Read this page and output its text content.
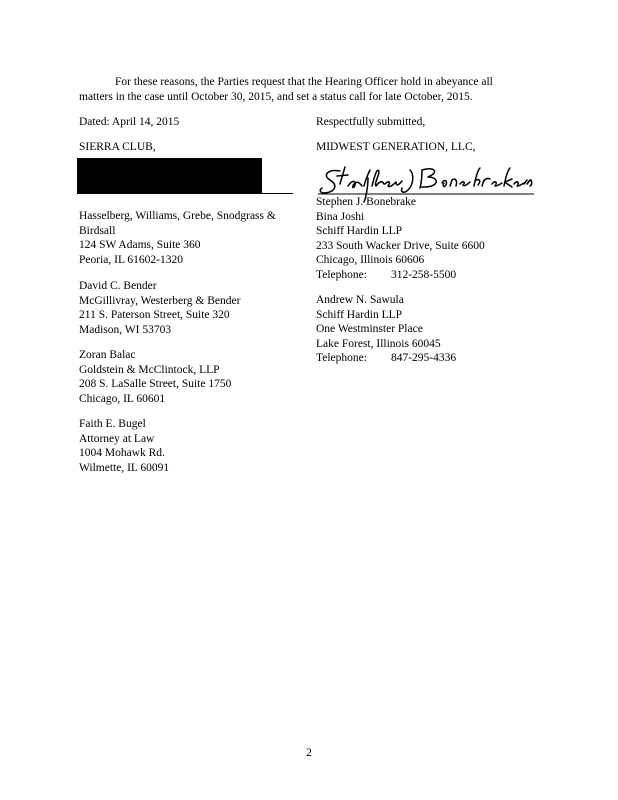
For these reasons, the Parties request that the Hearing Officer hold in abeyance all
matters in the case until October 30, 2015, and set a status call for late October, 2015.
Dated: April 14, 2015	Respectfully submitted,
SIERRA CLUB,	MIDWEST GENERATION, LLC,
Hasselberg, Williams, Grebe, Snodgrass &
Birdsall
124 SW Adams, Suite 360
Peoria, IL 61602-1320
David C. Bender
McGillivray, Westerberg & Bender
211 S. Paterson Street, Suite 320
Madison, WI 53703
Zoran Balac
Goldstein & McClintock, LLP
208 S. LaSalle Street, Suite 1750
Chicago, IL 60601
Faith E. Bugel
Attorney at Law
1004 Mohawk Rd.
Wilmette, IL 60091
Stephen J. Bonebrake
Bina Joshi
Schiff Hardin LLP
233 South Wacker Drive, Suite 6600
Chicago, Illinois 60606
Telephone: 312-258-5500
Andrew N. Sawula
Schiff Hardin LLP
One Westminster Place
Lake Forest, Illinois 60045
Telephone: 847-295-4336
2
